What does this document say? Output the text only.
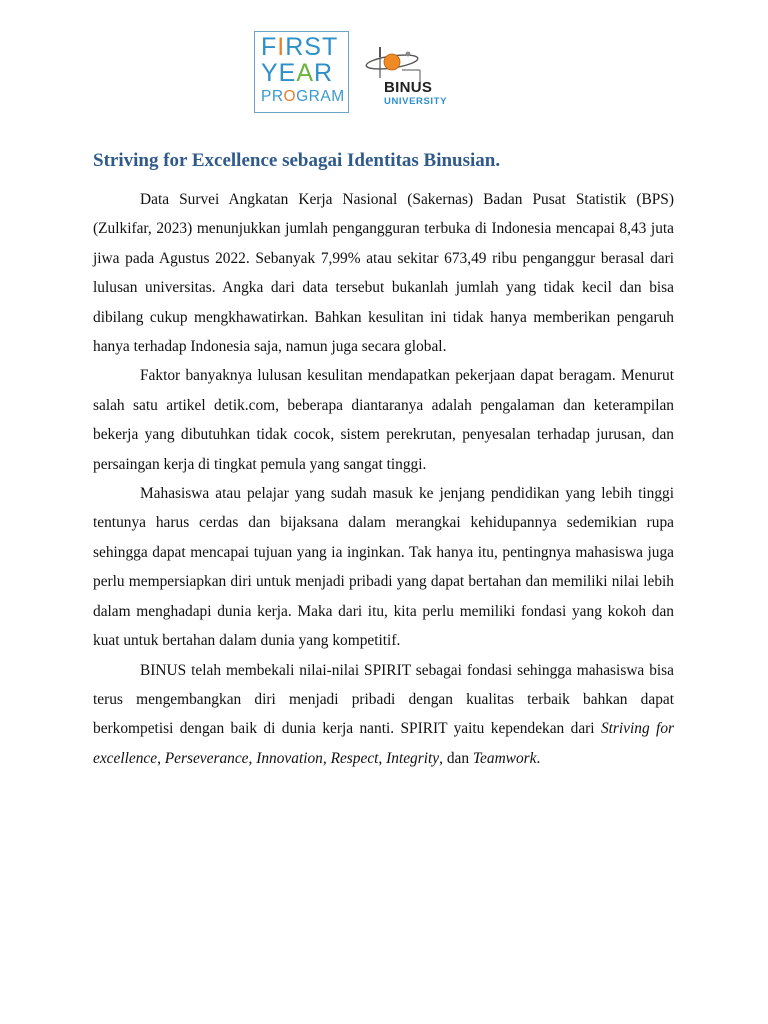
FIRST
YEAR
PROGRAM
BINUS
UNIVERSITY
Striving for Excellence sebagai Identitas Binusian.

Data Survei Angkatan Kerja Nasional (Sakernas) Badan Pusat Statistik (BPS) (Zulkifar, 2023) menunjukkan jumlah pengangguran terbuka di Indonesia mencapai 8,43 juta jiwa pada Agustus 2022. Sebanyak 7,99% atau sekitar 673,49 ribu penganggur berasal dari lulusan universitas. Angka dari data tersebut bukanlah jumlah yang tidak kecil dan bisa dibilang cukup mengkhawatirkan. Bahkan kesulitan ini tidak hanya memberikan pengaruh hanya terhadap Indonesia saja, namun juga secara global.

Faktor banyaknya lulusan kesulitan mendapatkan pekerjaan dapat beragam. Menurut salah satu artikel detik.com, beberapa diantaranya adalah pengalaman dan keterampilan bekerja yang dibutuhkan tidak cocok, sistem perekrutan, penyesalan terhadap jurusan, dan persaingan kerja di tingkat pemula yang sangat tinggi.

Mahasiswa atau pelajar yang sudah masuk ke jenjang pendidikan yang lebih tinggi tentunya harus cerdas dan bijaksana dalam merangkai kehidupannya sedemikian rupa sehingga dapat mencapai tujuan yang ia inginkan. Tak hanya itu, pentingnya mahasiswa juga perlu mempersiapkan diri untuk menjadi pribadi yang dapat bertahan dan memiliki nilai lebih dalam menghadapi dunia kerja. Maka dari itu, kita perlu memiliki fondasi yang kokoh dan kuat untuk bertahan dalam dunia yang kompetitif.

BINUS telah membekali nilai-nilai SPIRIT sebagai fondasi sehingga mahasiswa bisa terus mengembangkan diri menjadi pribadi dengan kualitas terbaik bahkan dapat berkompetisi dengan baik di dunia kerja nanti. SPIRIT yaitu kependekan dari Striving for excellence, Perseverance, Innovation, Respect, Integrity, dan Teamwork.
